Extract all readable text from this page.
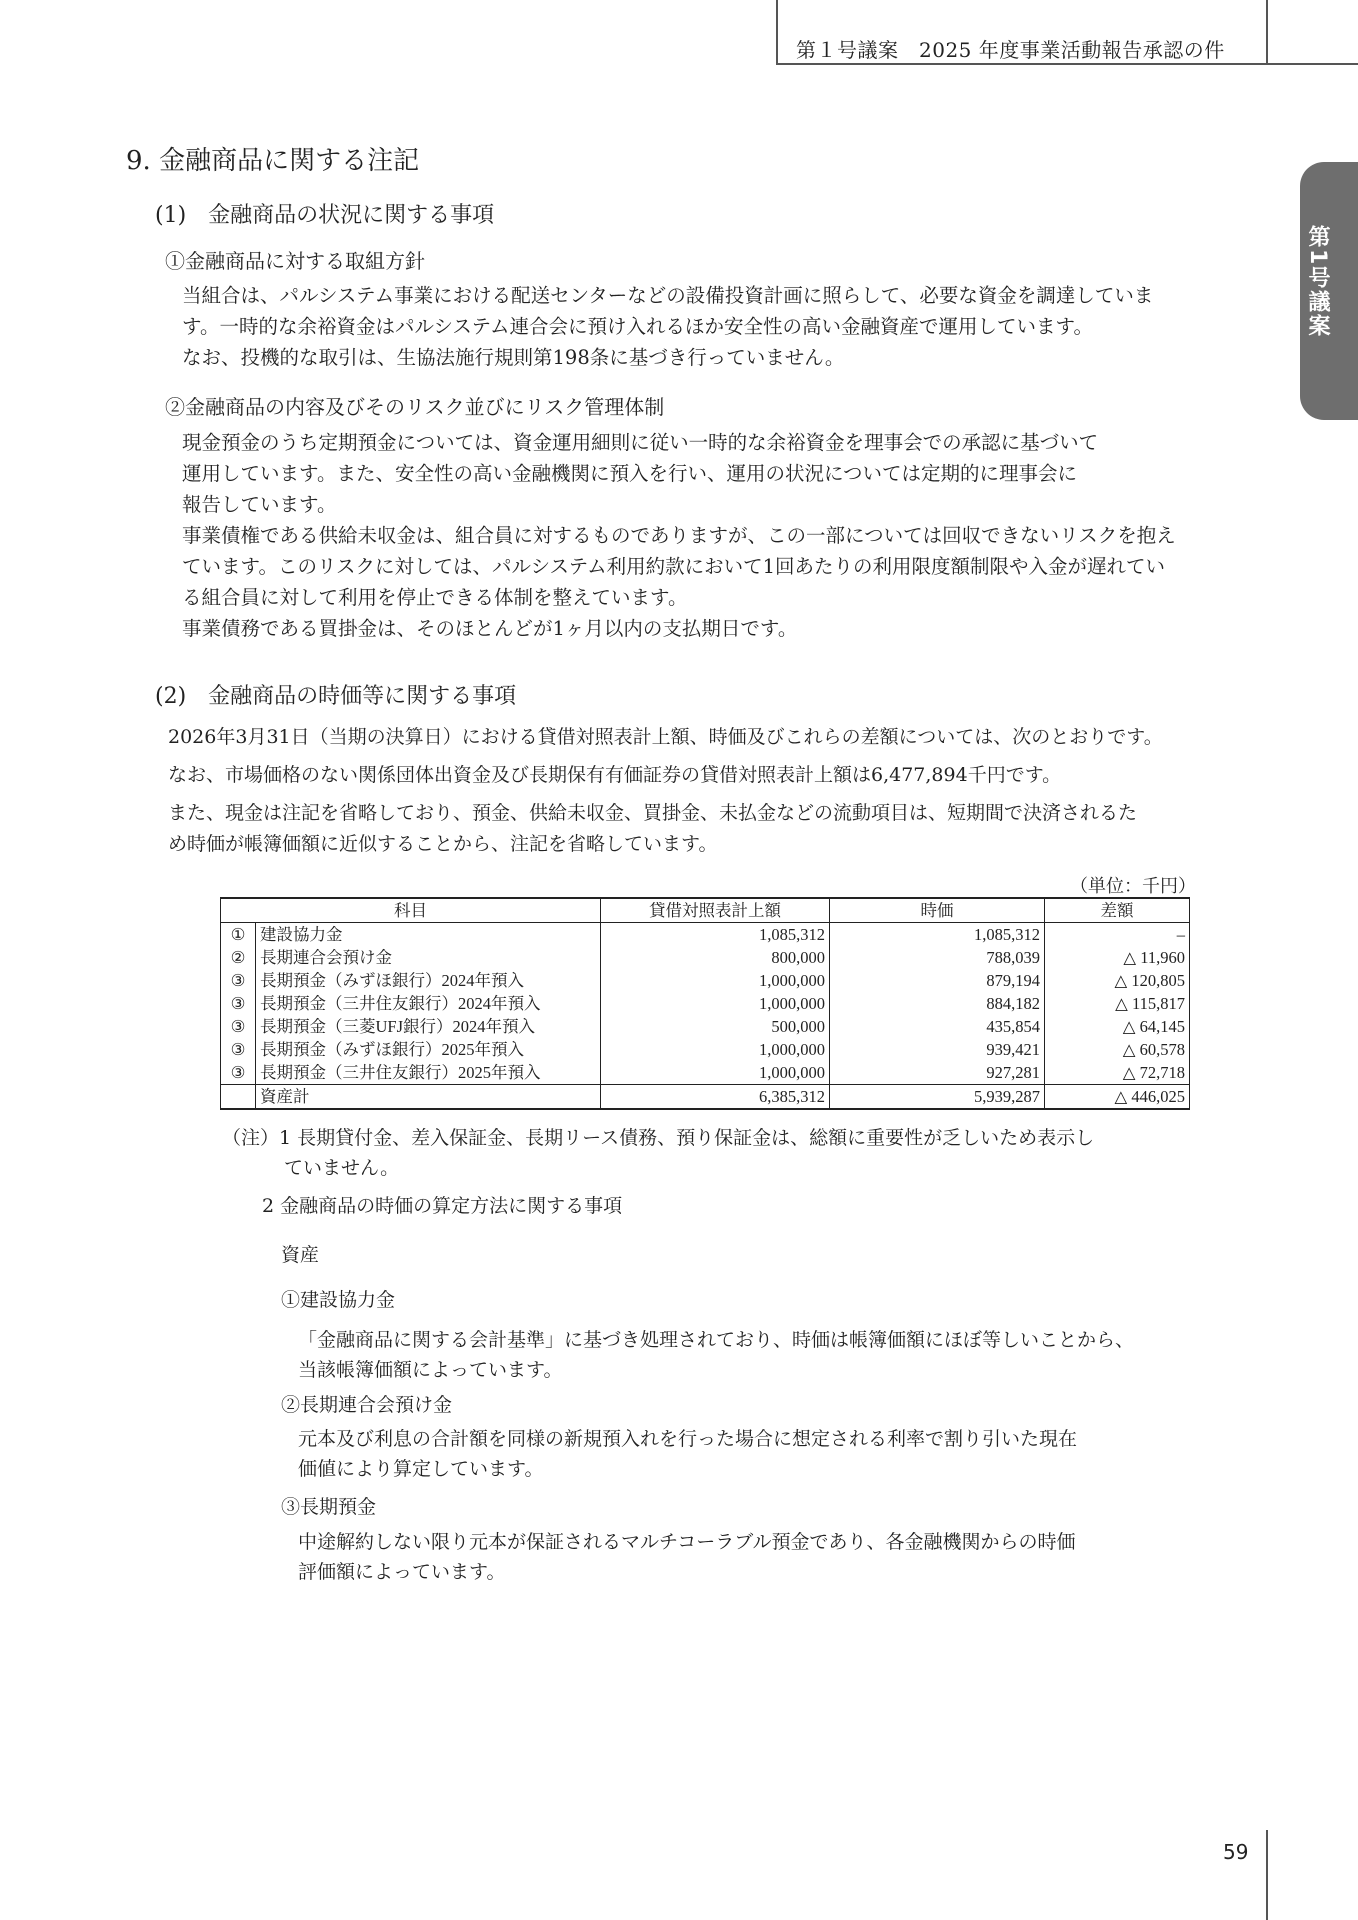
第１号議案　2025 年度事業活動報告承認の件
第1号議案
9. 金融商品に関する注記
(1)　金融商品の状況に関する事項
①金融商品に対する取組方針
当組合は、パルシステム事業における配送センターなどの設備投資計画に照らして、必要な資金を調達していま
す。一時的な余裕資金はパルシステム連合会に預け入れるほか安全性の高い金融資産で運用しています。
なお、投機的な取引は、生協法施行規則第198条に基づき行っていません。
②金融商品の内容及びそのリスク並びにリスク管理体制
現金預金のうち定期預金については、資金運用細則に従い一時的な余裕資金を理事会での承認に基づいて
運用しています。また、安全性の高い金融機関に預入を行い、運用の状況については定期的に理事会に
報告しています。
事業債権である供給未収金は、組合員に対するものでありますが、この一部については回収できないリスクを抱え
ています。このリスクに対しては、パルシステム利用約款において1回あたりの利用限度額制限や入金が遅れてい
る組合員に対して利用を停止できる体制を整えています。
事業債務である買掛金は、そのほとんどが1ヶ月以内の支払期日です。
(2)　金融商品の時価等に関する事項
2026年3月31日（当期の決算日）における貸借対照表計上額、時価及びこれらの差額については、次のとおりです。
なお、市場価格のない関係団体出資金及び長期保有有価証券の貸借対照表計上額は6,477,894千円です。
また、現金は注記を省略しており、預金、供給未収金、買掛金、未払金などの流動項目は、短期間で決済されるた
め時価が帳簿価額に近似することから、注記を省略しています。
（単位：千円）
科目		貸借対照表計上額	時価	差額
①	建設協力金	1,085,312	1,085,312	–
②	長期連合会預け金	800,000	788,039	△ 11,960
③	長期預金（みずほ銀行）2024年預入	1,000,000	879,194	△ 120,805
③	長期預金（三井住友銀行）2024年預入	1,000,000	884,182	△ 115,817
③	長期預金（三菱UFJ銀行）2024年預入	500,000	435,854	△ 64,145
③	長期預金（みずほ銀行）2025年預入	1,000,000	939,421	△ 60,578
③	長期預金（三井住友銀行）2025年預入	1,000,000	927,281	△ 72,718
	資産計	6,385,312	5,939,287	△ 446,025
（注）1 長期貸付金、差入保証金、長期リース債務、預り保証金は、総額に重要性が乏しいため表示し
ていません。
2 金融商品の時価の算定方法に関する事項
資産
①建設協力金
「金融商品に関する会計基準」に基づき処理されており、時価は帳簿価額にほぼ等しいことから、
当該帳簿価額によっています。
②長期連合会預け金
元本及び利息の合計額を同様の新規預入れを行った場合に想定される利率で割り引いた現在
価値により算定しています。
③長期預金
中途解約しない限り元本が保証されるマルチコーラブル預金であり、各金融機関からの時価
評価額によっています。
59
